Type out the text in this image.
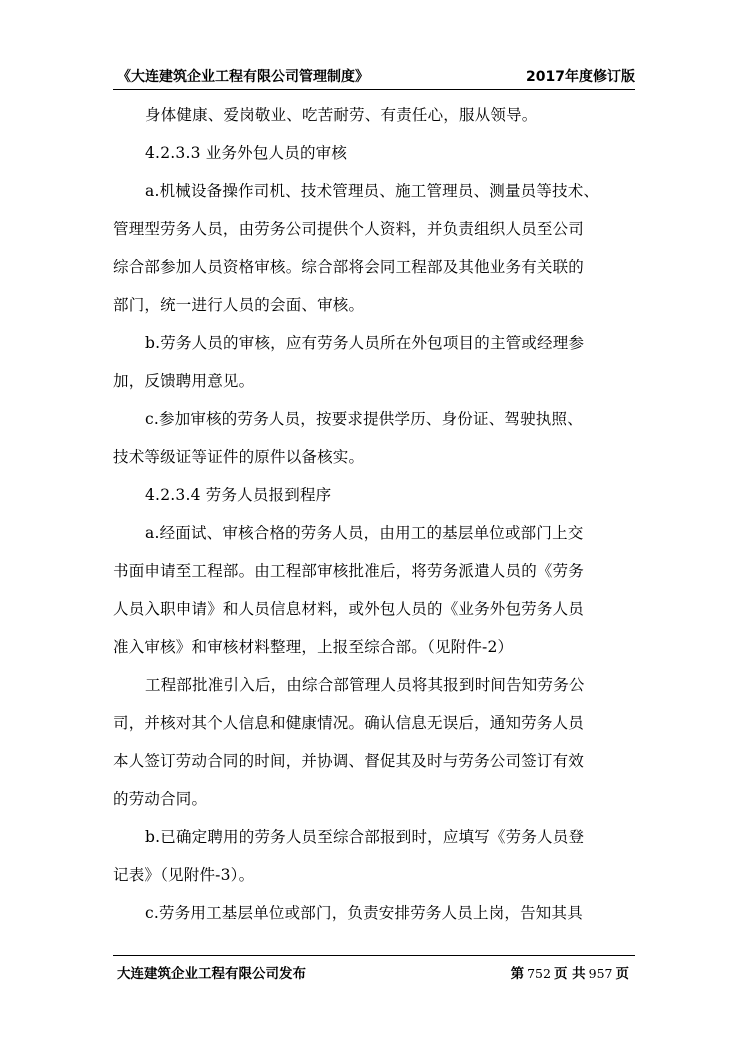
《大连建筑企业工程有限公司管理制度》	2017年度修订版
身体健康、爱岗敬业、吃苦耐劳、有责任心，服从领导。
4.2.3.3 业务外包人员的审核
a.机械设备操作司机、技术管理员、施工管理员、测量员等技术、
管理型劳务人员，由劳务公司提供个人资料，并负责组织人员至公司
综合部参加人员资格审核。综合部将会同工程部及其他业务有关联的
部门，统一进行人员的会面、审核。
b.劳务人员的审核，应有劳务人员所在外包项目的主管或经理参
加，反馈聘用意见。
c.参加审核的劳务人员，按要求提供学历、身份证、驾驶执照、
技术等级证等证件的原件以备核实。
4.2.3.4 劳务人员报到程序
a.经面试、审核合格的劳务人员，由用工的基层单位或部门上交
书面申请至工程部。由工程部审核批准后，将劳务派遣人员的《劳务
人员入职申请》和人员信息材料，或外包人员的《业务外包劳务人员
准入审核》和审核材料整理，上报至综合部。（见附件-2）
工程部批准引入后，由综合部管理人员将其报到时间告知劳务公
司，并核对其个人信息和健康情况。确认信息无误后，通知劳务人员
本人签订劳动合同的时间，并协调、督促其及时与劳务公司签订有效
的劳动合同。
b.已确定聘用的劳务人员至综合部报到时，应填写《劳务人员登
记表》（见附件-3）。
c.劳务用工基层单位或部门，负责安排劳务人员上岗，告知其具
大连建筑企业工程有限公司发布	第 752 页 共 957 页
